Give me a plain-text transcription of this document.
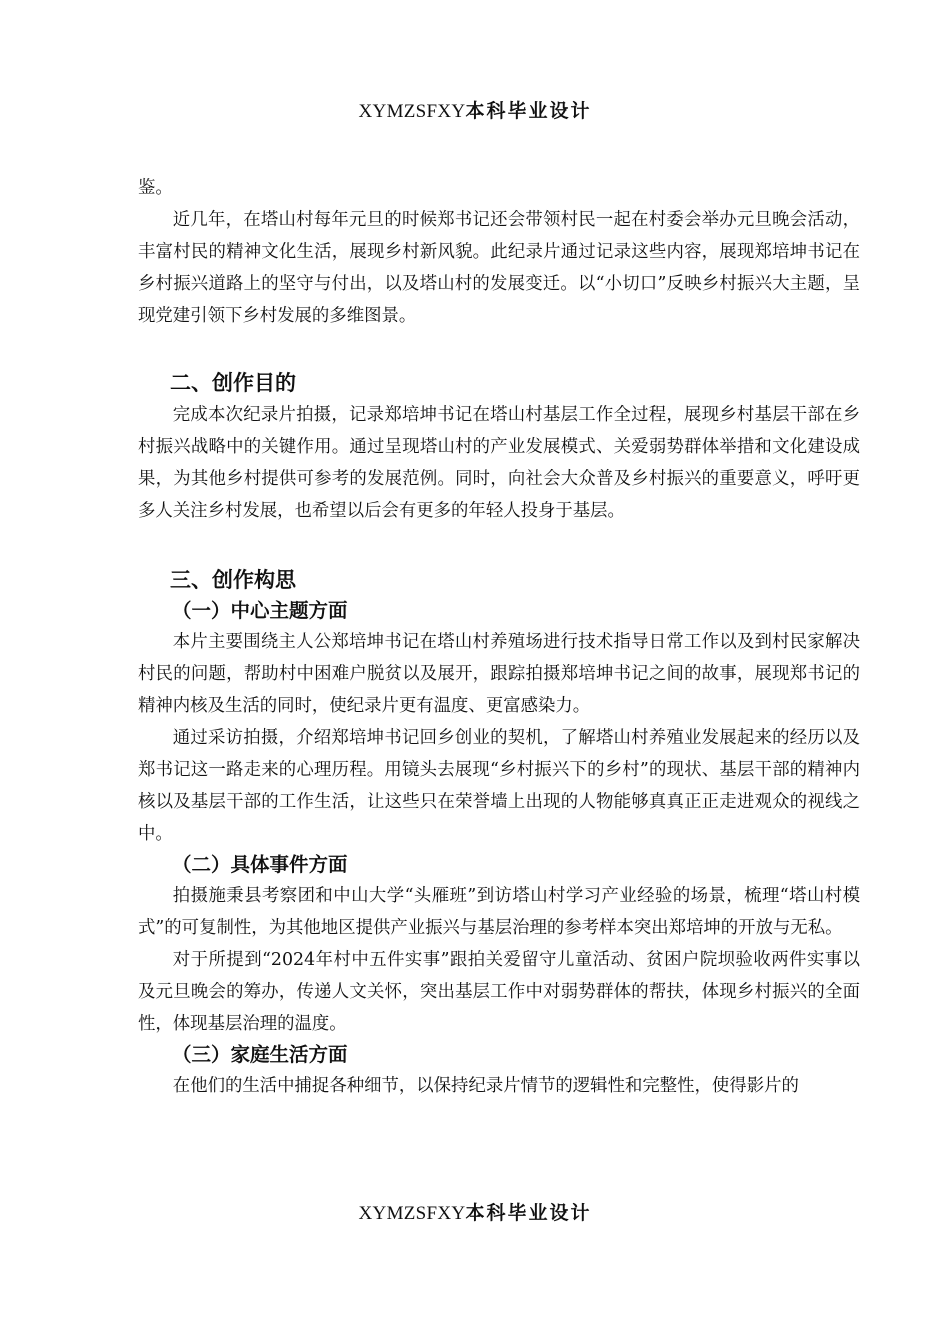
XYMZSFXY本科毕业设计

鉴。

近几年，在塔山村每年元旦的时候郑书记还会带领村民一起在村委会举办元旦晚会活动，丰富村民的精神文化生活，展现乡村新风貌。此纪录片通过记录这些内容，展现郑培坤书记在乡村振兴道路上的坚守与付出，以及塔山村的发展变迁。以“小切口”反映乡村振兴大主题，呈现党建引领下乡村发展的多维图景。

二、创作目的

完成本次纪录片拍摄，记录郑培坤书记在塔山村基层工作全过程，展现乡村基层干部在乡村振兴战略中的关键作用。通过呈现塔山村的产业发展模式、关爱弱势群体举措和文化建设成果，为其他乡村提供可参考的发展范例。同时，向社会大众普及乡村振兴的重要意义，呼吁更多人关注乡村发展，也希望以后会有更多的年轻人投身于基层。

三、创作构思
（一）中心主题方面

本片主要围绕主人公郑培坤书记在塔山村养殖场进行技术指导日常工作以及到村民家解决村民的问题，帮助村中困难户脱贫以及展开，跟踪拍摄郑培坤书记之间的故事，展现郑书记的精神内核及生活的同时，使纪录片更有温度、更富感染力。

通过采访拍摄，介绍郑培坤书记回乡创业的契机，了解塔山村养殖业发展起来的经历以及郑书记这一路走来的心理历程。用镜头去展现“乡村振兴下的乡村”的现状、基层干部的精神内核以及基层干部的工作生活，让这些只在荣誉墙上出现的人物能够真真正正走进观众的视线之中。

（二）具体事件方面

拍摄施秉县考察团和中山大学“头雁班”到访塔山村学习产业经验的场景，梳理“塔山村模式”的可复制性，为其他地区提供产业振兴与基层治理的参考样本突出郑培坤的开放与无私。

对于所提到“2024年村中五件实事”跟拍关爱留守儿童活动、贫困户院坝验收两件实事以及元旦晚会的筹办，传递人文关怀，突出基层工作中对弱势群体的帮扶，体现乡村振兴的全面性，体现基层治理的温度。

（三）家庭生活方面

在他们的生活中捕捉各种细节，以保持纪录片情节的逻辑性和完整性，使得影片的

XYMZSFXY本科毕业设计
